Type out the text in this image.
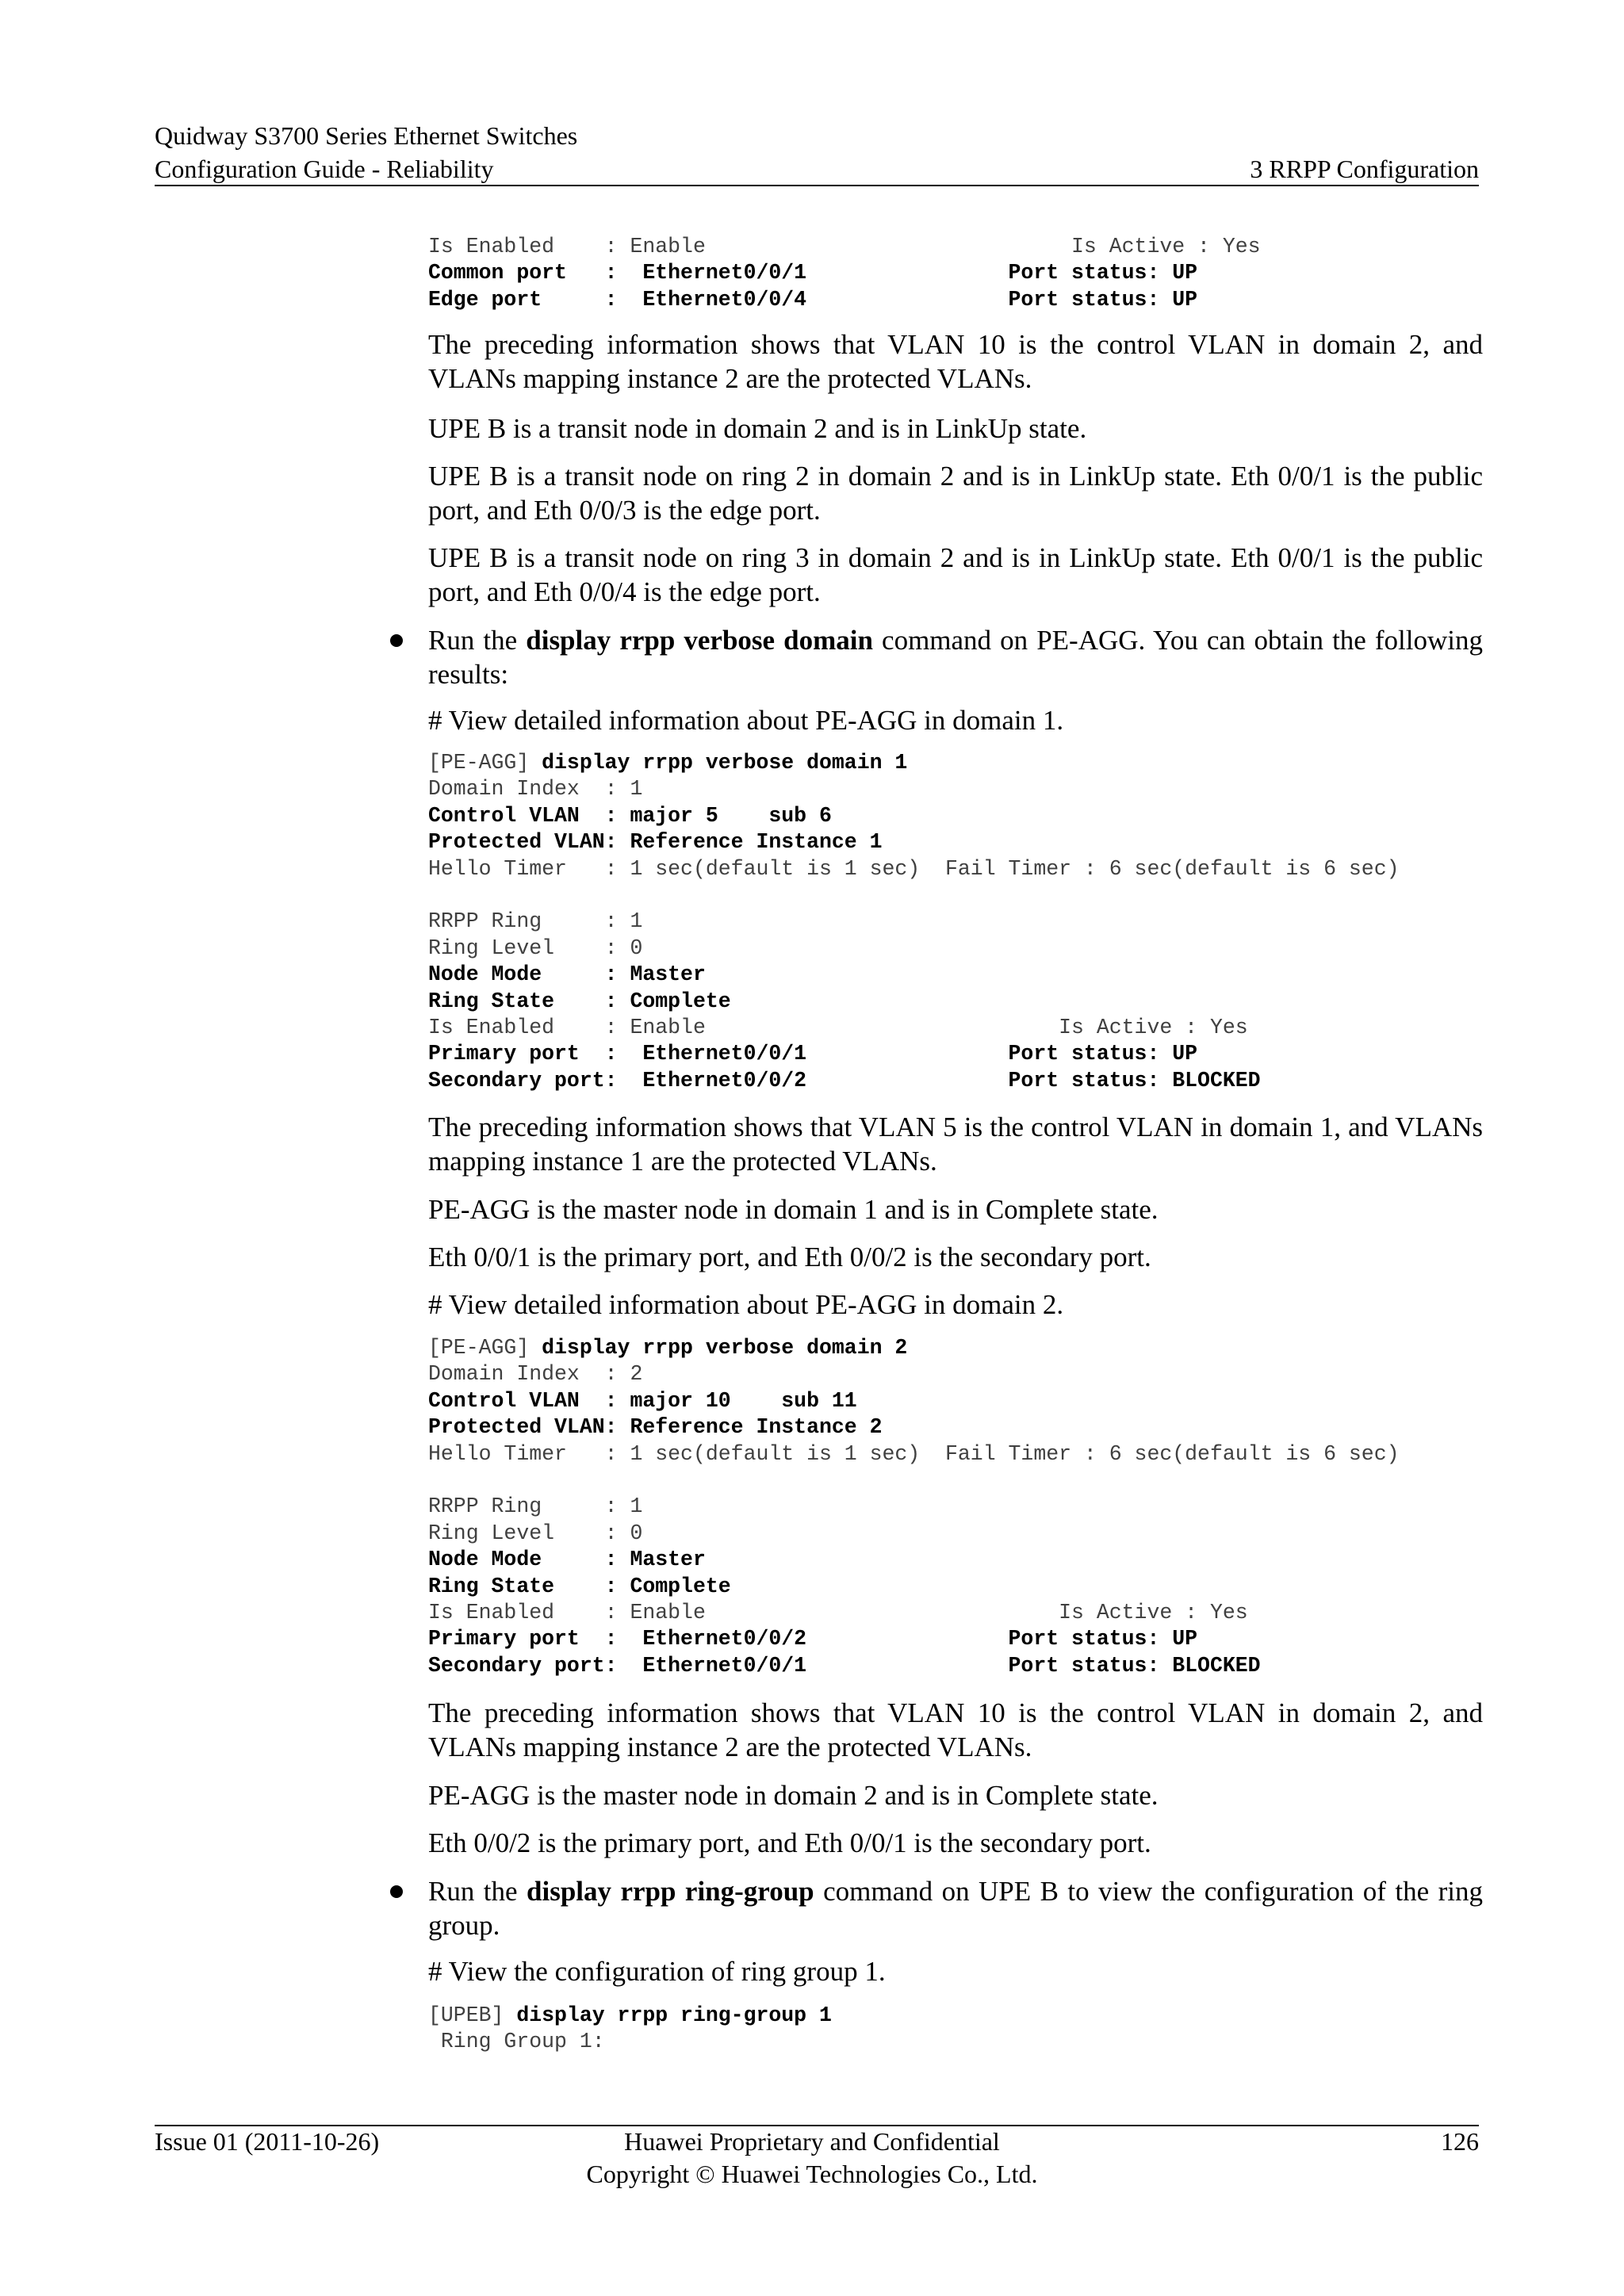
Quidway S3700 Series Ethernet Switches
Configuration Guide - Reliability	3 RRPP Configuration
Is Enabled    : Enable                             Is Active : Yes
Common port   :  Ethernet0/0/1                Port status: UP
Edge port     :  Ethernet0/0/4                Port status: UP

The preceding information shows that VLAN 10 is the control VLAN in domain 2, and VLANs mapping instance 2 are the protected VLANs.

UPE B is a transit node in domain 2 and is in LinkUp state.

UPE B is a transit node on ring 2 in domain 2 and is in LinkUp state. Eth 0/0/1 is the public port, and Eth 0/0/3 is the edge port.

UPE B is a transit node on ring 3 in domain 2 and is in LinkUp state. Eth 0/0/1 is the public port, and Eth 0/0/4 is the edge port.

Run the display rrpp verbose domain command on PE-AGG. You can obtain the following results:

# View detailed information about PE-AGG in domain 1.

[PE-AGG] display rrpp verbose domain 1
Domain Index  : 1
Control VLAN  : major 5    sub 6
Protected VLAN: Reference Instance 1
Hello Timer   : 1 sec(default is 1 sec)  Fail Timer : 6 sec(default is 6 sec)
RRPP Ring     : 1
Ring Level    : 0
Node Mode     : Master
Ring State    : Complete
Is Enabled    : Enable                            Is Active : Yes
Primary port  :  Ethernet0/0/1                Port status: UP
Secondary port:  Ethernet0/0/2                Port status: BLOCKED

The preceding information shows that VLAN 5 is the control VLAN in domain 1, and VLANs mapping instance 1 are the protected VLANs.

PE-AGG is the master node in domain 1 and is in Complete state.

Eth 0/0/1 is the primary port, and Eth 0/0/2 is the secondary port.

# View detailed information about PE-AGG in domain 2.

[PE-AGG] display rrpp verbose domain 2
Domain Index  : 2
Control VLAN  : major 10    sub 11
Protected VLAN: Reference Instance 2
Hello Timer   : 1 sec(default is 1 sec)  Fail Timer : 6 sec(default is 6 sec)
RRPP Ring     : 1
Ring Level    : 0
Node Mode     : Master
Ring State    : Complete
Is Enabled    : Enable                            Is Active : Yes
Primary port  :  Ethernet0/0/2                Port status: UP
Secondary port:  Ethernet0/0/1                Port status: BLOCKED

The preceding information shows that VLAN 10 is the control VLAN in domain 2, and VLANs mapping instance 2 are the protected VLANs.

PE-AGG is the master node in domain 2 and is in Complete state.

Eth 0/0/2 is the primary port, and Eth 0/0/1 is the secondary port.

Run the display rrpp ring-group command on UPE B to view the configuration of the ring group.

# View the configuration of ring group 1.

[UPEB] display rrpp ring-group 1
Ring Group 1:
Issue 01 (2011-10-26)	Huawei Proprietary and Confidential
Copyright © Huawei Technologies Co., Ltd.
126
